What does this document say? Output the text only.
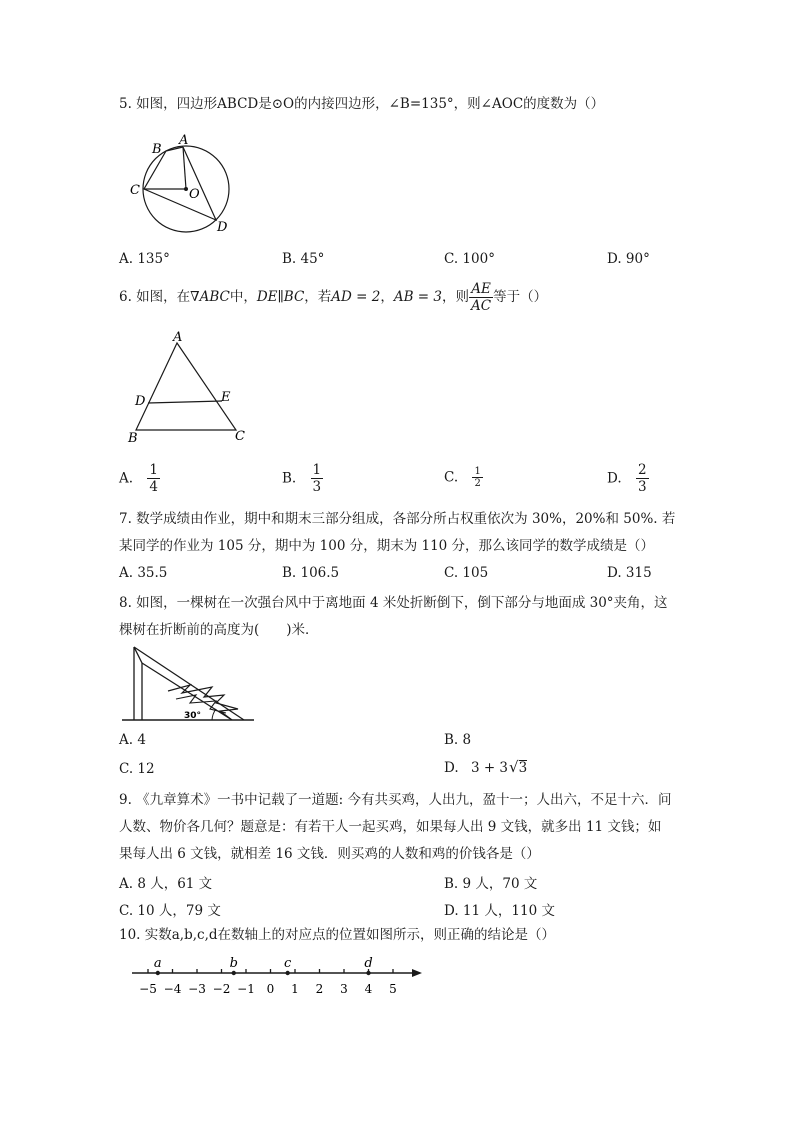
5. 如图，四边形ABCD是⊙O的内接四边形，∠B=135°，则∠AOC的度数为（）
A
B
C	O
D
A. 135°	B. 45°	C. 100°	D. 90°
6. 如图，在∇ABC中，DE∥BC，若AD = 2，AB = 3，则 $\frac{AE}{AC}$ 等于（）
A
D	E
B	C
A. $\frac{1}{4}$	B. $\frac{1}{3}$	C. $\frac{1}{2}$	D. $\frac{2}{3}$
7. 数学成绩由作业，期中和期末三部分组成，各部分所占权重依次为 30%，20%和 50%. 若
某同学的作业为 105 分，期中为 100 分，期末为 110 分，那么该同学的数学成绩是（）
A. 35.5	B. 106.5	C. 105	D. 315
8. 如图，一棵树在一次强台风中于离地面 4 米处折断倒下，倒下部分与地面成 30°夹角，这
棵树在折断前的高度为(　　)米．
30°
A. 4	B. 8
C. 12	D. 3 + 3√3
9. 《九章算术》一书中记载了一道题: 今有共买鸡，人出九，盈十一；人出六，不足十六．问
人数、物价各几何？题意是：有若干人一起买鸡，如果每人出 9 文钱，就多出 11 文钱；如
果每人出 6 文钱，就相差 16 文钱．则买鸡的人数和鸡的价钱各是（）
A. 8 人，61 文	B. 9 人，70 文
C. 10 人，79 文	D. 11 人，110 文
10. 实数a,b,c,d在数轴上的对应点的位置如图所示，则正确的结论是（）
−5 −4 −3 −2 −1 0 1 2 3 4 5
a	b	c	d
